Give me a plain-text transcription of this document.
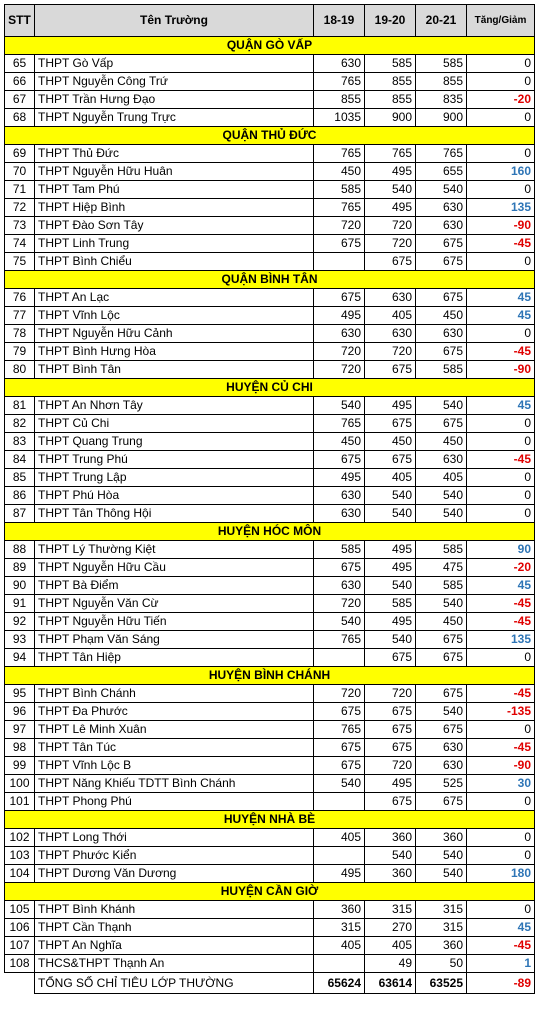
STT	Tên Trường	18-19	19-20	20-21	Tăng/Giảm
QUẬN GÒ VẤP					
65	THPT Gò Vấp	630	585	585	0
66	THPT Nguyễn Công Trứ	765	855	855	0
67	THPT Trần Hưng Đạo	855	855	835	-20
68	THPT Nguyễn Trung Trực	1035	900	900	0
QUẬN THỦ ĐỨC					
69	THPT Thủ Đức	765	765	765	0
70	THPT Nguyễn Hữu Huân	450	495	655	160
71	THPT Tam Phú	585	540	540	0
72	THPT Hiệp Bình	765	495	630	135
73	THPT Đào Sơn Tây	720	720	630	-90
74	THPT Linh Trung	675	720	675	-45
75	THPT Bình Chiểu		675	675	0
QUẬN BÌNH TÂN					
76	THPT An Lạc	675	630	675	45
77	THPT Vĩnh Lộc	495	405	450	45
78	THPT Nguyễn Hữu Cảnh	630	630	630	0
79	THPT Bình Hưng Hòa	720	720	675	-45
80	THPT Bình Tân	720	675	585	-90
HUYỆN CỦ CHI					
81	THPT An Nhơn Tây	540	495	540	45
82	THPT Củ Chi	765	675	675	0
83	THPT Quang Trung	450	450	450	0
84	THPT Trung Phú	675	675	630	-45
85	THPT Trung Lập	495	405	405	0
86	THPT Phú Hòa	630	540	540	0
87	THPT Tân Thông Hội	630	540	540	0
HUYỆN HÓC MÔN					
88	THPT Lý Thường Kiệt	585	495	585	90
89	THPT Nguyễn Hữu Cầu	675	495	475	-20
90	THPT Bà Điểm	630	540	585	45
91	THPT Nguyễn Văn Cừ	720	585	540	-45
92	THPT Nguyễn Hữu Tiến	540	495	450	-45
93	THPT Phạm Văn Sáng	765	540	675	135
94	THPT Tân Hiệp		675	675	0
HUYỆN BÌNH CHÁNH					
95	THPT Bình Chánh	720	720	675	-45
96	THPT Đa Phước	675	675	540	-135
97	THPT Lê Minh Xuân	765	675	675	0
98	THPT Tân Túc	675	675	630	-45
99	THPT Vĩnh Lộc B	675	720	630	-90
100	THPT Năng Khiếu TDTT Bình Chánh	540	495	525	30
101	THPT Phong Phú		675	675	0
HUYỆN NHÀ BÈ					
102	THPT Long Thới	405	360	360	0
103	THPT Phước Kiển		540	540	0
104	THPT Dương Văn Dương	495	360	540	180
HUYỆN CẦN GIỜ					
105	THPT Bình Khánh	360	315	315	0
106	THPT Cần Thạnh	315	270	315	45
107	THPT An Nghĩa	405	405	360	-45
108	THCS&THPT Thạnh An		49	50	1
	TỔNG SỐ CHỈ TIÊU LỚP THƯỜNG	65624	63614	63525	-89
